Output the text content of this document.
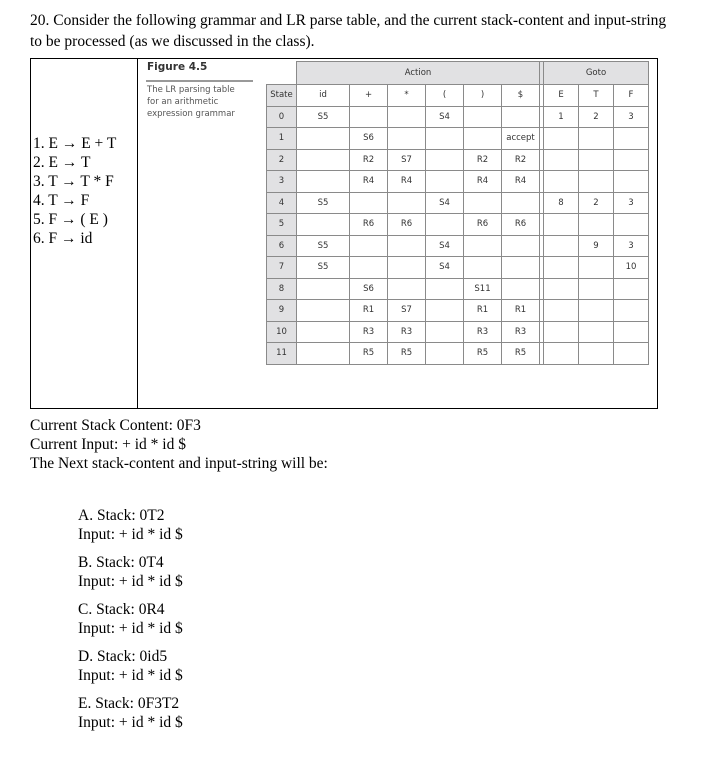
20. Consider the following grammar and LR parse table, and the current stack-content and input-string to be processed (as we discussed in the class).
1. E → E + T
2. E → T
3. T → T * F
4. T → F
5. F → ( E )
6. F → id
Figure 4.5
The LR parsing table
for an arithmetic
expression grammar
	Action							Goto		
State	id	+	*	(	)	$		E	T	F
0	S5			S4				1	2	3
1		S6				accept				
2		R2	S7		R2	R2				
3		R4	R4		R4	R4				
4	S5			S4				8	2	3
5		R6	R6		R6	R6				
6	S5			S4					9	3
7	S5			S4						10
8		S6			S11					
9		R1	S7		R1	R1				
10		R3	R3		R3	R3				
11		R5	R5		R5	R5				
Current Stack Content: 0F3
Current Input: + id * id $
The Next stack-content and input-string will be:
A. Stack: 0T2
Input: + id * id $
B. Stack: 0T4
Input: + id * id $
C. Stack: 0R4
Input: + id * id $
D. Stack: 0id5
Input: + id * id $
E. Stack: 0F3T2
Input: + id * id $
